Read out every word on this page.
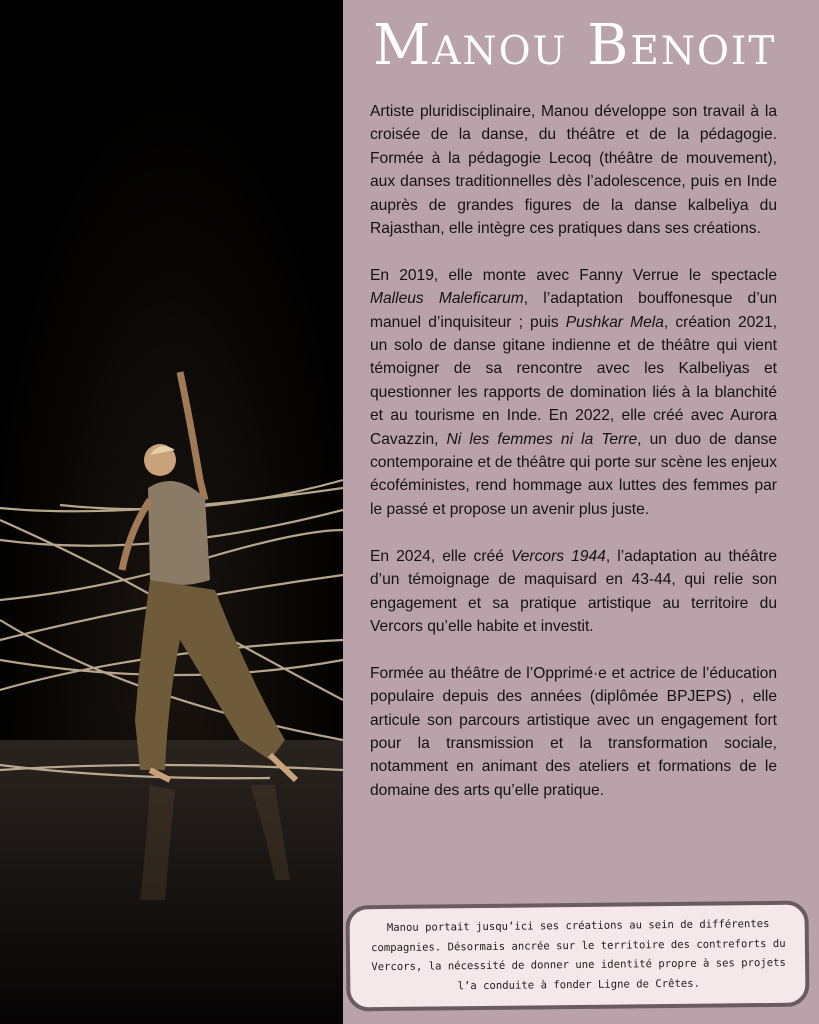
Manou Benoit

Artiste pluridisciplinaire, Manou développe son travail à la croisée de la danse, du théâtre et de la pédagogie. Formée à la pédagogie Lecoq (théâtre de mouvement), aux danses traditionnelles dès l’adolescence, puis en Inde auprès de grandes figures de la danse kalbeliya du Rajasthan, elle intègre ces pratiques dans ses créations.

En 2019, elle monte avec Fanny Verrue le spectacle Malleus Maleficarum, l’adaptation bouffonesque d’un manuel d’inquisiteur ; puis Pushkar Mela, création 2021, un solo de danse gitane indienne et de théâtre qui vient témoigner de sa rencontre avec les Kalbeliyas et questionner les rapports de domination liés à la blanchité et au tourisme en Inde. En 2022, elle créé avec Aurora Cavazzin, Ni les femmes ni la Terre, un duo de danse contemporaine et de théâtre qui porte sur scène les enjeux écoféministes, rend hommage aux luttes des femmes par le passé et propose un avenir plus juste.

En 2024, elle créé Vercors 1944, l’adaptation au théâtre d’un témoignage de maquisard en 43-44, qui relie son engagement et sa pratique artistique au territoire du Vercors qu’elle habite et investit.

Formée au théâtre de l’Opprimé·e et actrice de l’éducation populaire depuis des années (diplômée BPJEPS) , elle articule son parcours artistique avec un engagement fort pour la transmission et la transformation sociale, notamment en animant des ateliers et formations de le domaine des arts qu’elle pratique.

Manou portait jusqu’ici ses créations au sein de différentes compagnies. Désormais ancrée sur le territoire des contreforts du Vercors, la nécessité de donner une identité propre à ses projets l’a conduite à fonder Ligne de Crêtes.
